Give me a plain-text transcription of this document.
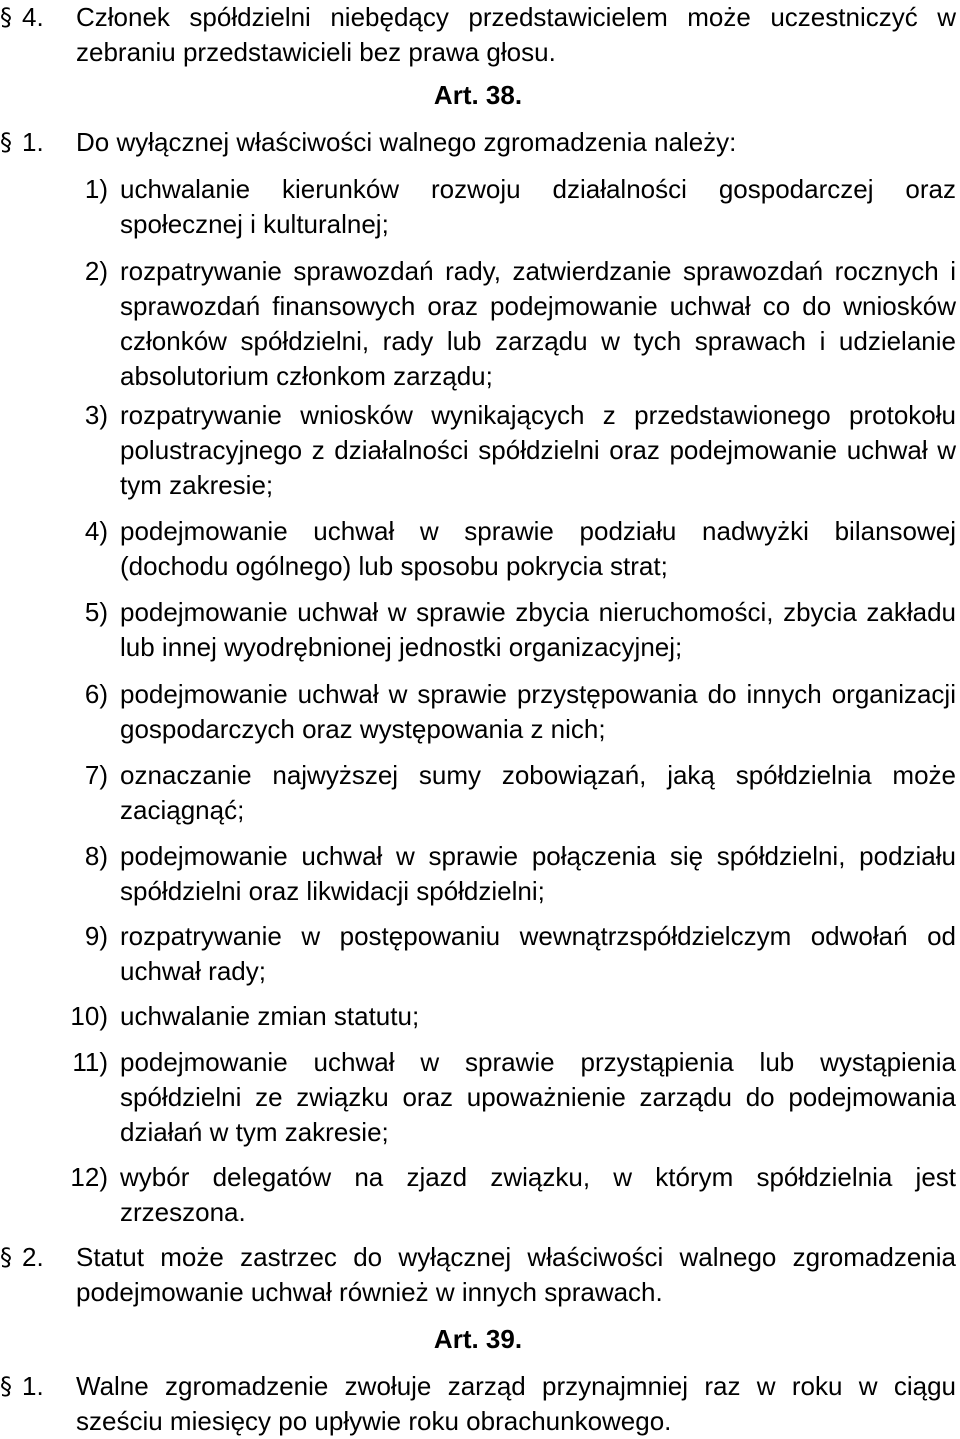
§ 4. Członek spółdzielni niebędący przedstawicielem może uczestniczyć w zebraniu przedstawicieli bez prawa głosu.
Art. 38.
§ 1. Do wyłącznej właściwości walnego zgromadzenia należy:
1) uchwalanie kierunków rozwoju działalności gospodarczej oraz społecznej i kulturalnej;
2) rozpatrywanie sprawozdań rady, zatwierdzanie sprawozdań rocznych i sprawozdań finansowych oraz podejmowanie uchwał co do wniosków członków spółdzielni, rady lub zarządu w tych sprawach i udzielanie absolutorium członkom zarządu;
3) rozpatrywanie wniosków wynikających z przedstawionego protokołu polustracyjnego z działalności spółdzielni oraz podejmowanie uchwał w tym zakresie;
4) podejmowanie uchwał w sprawie podziału nadwyżki bilansowej (dochodu ogólnego) lub sposobu pokrycia strat;
5) podejmowanie uchwał w sprawie zbycia nieruchomości, zbycia zakładu lub innej wyodrębnionej jednostki organizacyjnej;
6) podejmowanie uchwał w sprawie przystępowania do innych organizacji gospodarczych oraz występowania z nich;
7) oznaczanie najwyższej sumy zobowiązań, jaką spółdzielnia może zaciągnąć;
8) podejmowanie uchwał w sprawie połączenia się spółdzielni, podziału spółdzielni oraz likwidacji spółdzielni;
9) rozpatrywanie w postępowaniu wewnątrzspółdzielczym odwołań od uchwał rady;
10) uchwalanie zmian statutu;
11) podejmowanie uchwał w sprawie przystąpienia lub wystąpienia spółdzielni ze związku oraz upoważnienie zarządu do podejmowania działań w tym zakresie;
12) wybór delegatów na zjazd związku, w którym spółdzielnia jest zrzeszona.
§ 2. Statut może zastrzec do wyłącznej właściwości walnego zgromadzenia podejmowanie uchwał również w innych sprawach.
Art. 39.
§ 1. Walne zgromadzenie zwołuje zarząd przynajmniej raz w roku w ciągu sześciu miesięcy po upływie roku obrachunkowego.
